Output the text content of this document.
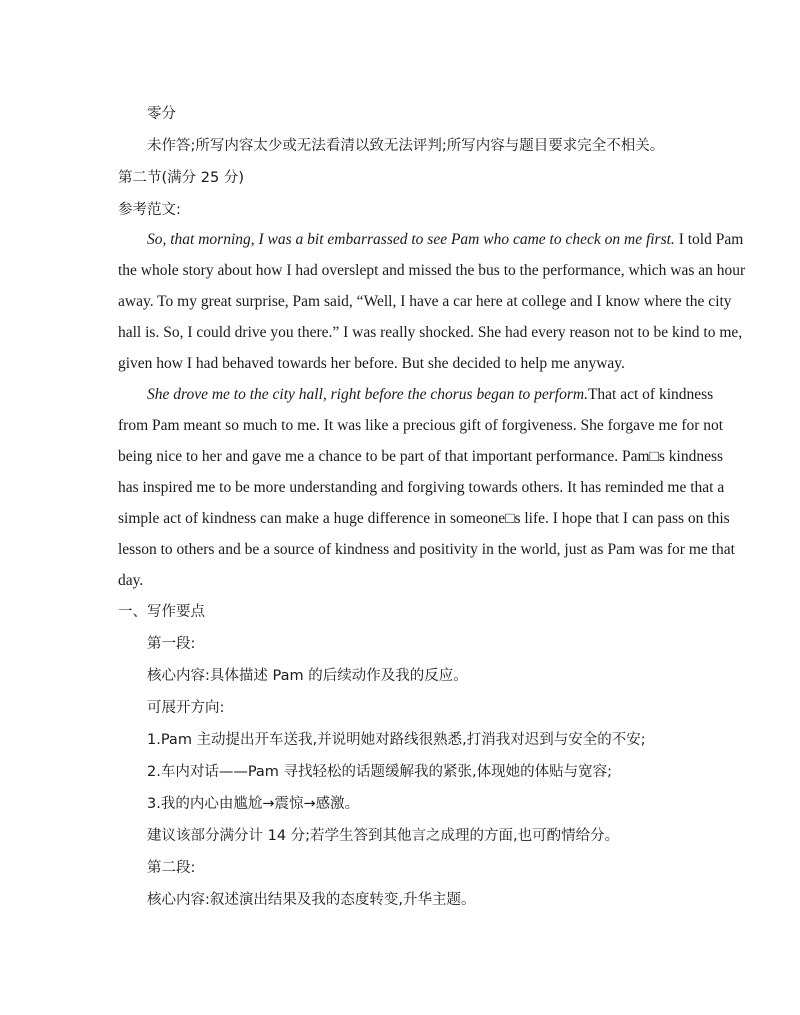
零分
未作答;所写内容太少或无法看清以致无法评判;所写内容与题目要求完全不相关。
第二节(满分 25 分)
参考范文:
So, that morning, I was a bit embarrassed to see Pam who came to check on me first. I told Pam
the whole story about how I had overslept and missed the bus to the performance, which was an hour
away. To my great surprise, Pam said, “Well, I have a car here at college and I know where the city
hall is. So, I could drive you there.” I was really shocked. She had every reason not to be kind to me,
given how I had behaved towards her before. But she decided to help me anyway.
She drove me to the city hall, right before the chorus began to perform.That act of kindness
from Pam meant so much to me. It was like a precious gift of forgiveness. She forgave me for not
being nice to her and gave me a chance to be part of that important performance. Pam□s kindness
has inspired me to be more understanding and forgiving towards others. It has reminded me that a
simple act of kindness can make a huge difference in someone□s life. I hope that I can pass on this
lesson to others and be a source of kindness and positivity in the world, just as Pam was for me that
day.
一、写作要点
第一段:
核心内容:具体描述 Pam 的后续动作及我的反应。
可展开方向:
1.Pam 主动提出开车送我,并说明她对路线很熟悉,打消我对迟到与安全的不安;
2.车内对话——Pam 寻找轻松的话题缓解我的紧张,体现她的体贴与宽容;
3.我的内心由尴尬→震惊→感激。
建议该部分满分计 14 分;若学生答到其他言之成理的方面,也可酌情给分。
第二段:
核心内容:叙述演出结果及我的态度转变,升华主题。
